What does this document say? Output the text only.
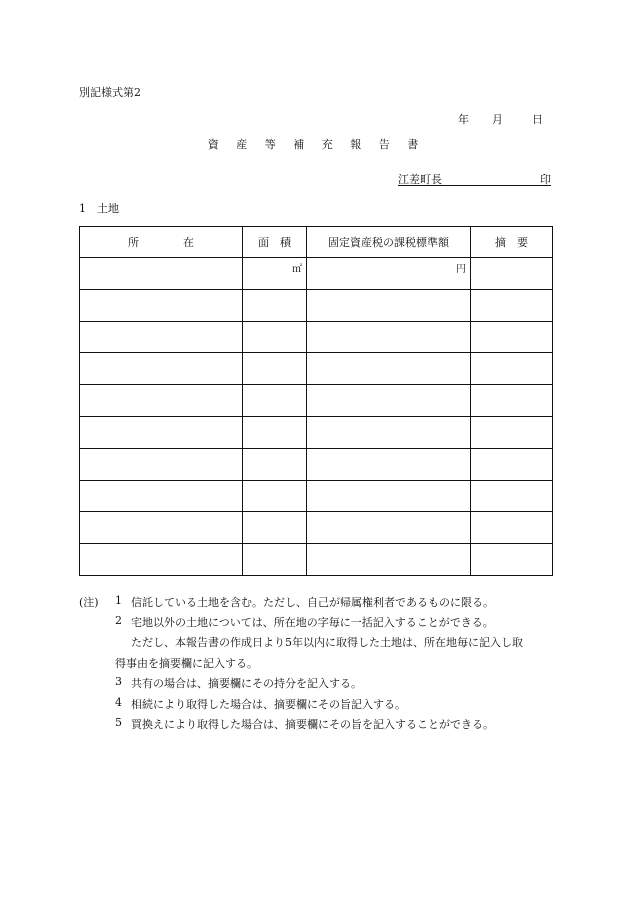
別記様式第2
年 月	日
資 産 等 補 充 報 告 書
江差町長	印
1　土地
所　　　　在	面　積	固定資産税の課税標準額	摘　要

	㎡	円	

(注) 1 信託している土地を含む。ただし、自己が帰属権利者であるものに限る。
2 宅地以外の土地については、所在地の字毎に一括記入することができる。
ただし、本報告書の作成日より5年以内に取得した土地は、所在地毎に記入し取
得事由を摘要欄に記入する。
3 共有の場合は、摘要欄にその持分を記入する。
4 相続により取得した場合は、摘要欄にその旨記入する。
5 買換えにより取得した場合は、摘要欄にその旨を記入することができる。
